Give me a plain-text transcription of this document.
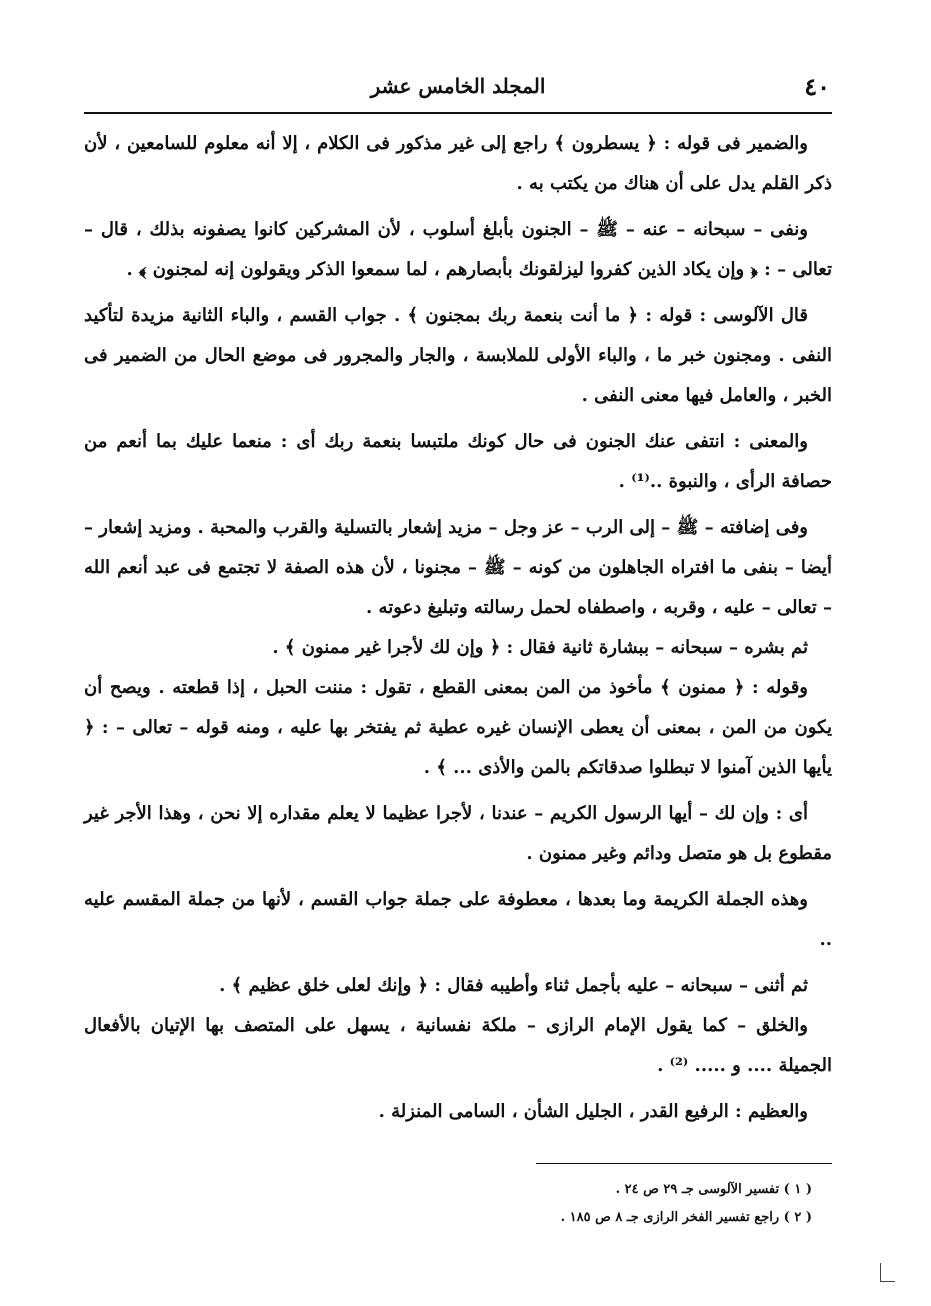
٤٠
المجلد الخامس عشر

والضمير فى قوله : ﴿ يسطرون ﴾ راجع إلى غير مذكور فى الكلام ، إلا أنه معلوم للسامعين ، لأن ذكر القلم يدل على أن هناك من يكتب به .

ونفى – سبحانه – عنه – ﷺ – الجنون بأبلغ أسلوب ، لأن المشركين كانوا يصفونه بذلك ، قال – تعالى – : ﴿ وإن يكاد الذين كفروا ليزلقونك بأبصارهم ، لما سمعوا الذكر ويقولون إنه لمجنون ﴾ .

قال الآلوسى : قوله : ﴿ ما أنت بنعمة ربك بمجنون ﴾ . جواب القسم ، والباء الثانية مزيدة لتأكيد النفى . ومجنون خبر ما ، والباء الأولى للملابسة ، والجار والمجرور فى موضع الحال من الضمير فى الخبر ، والعامل فيها معنى النفى .

والمعنى : انتفى عنك الجنون فى حال كونك ملتبسا بنعمة ربك أى : منعما عليك بما أنعم من حصافة الرأى ، والنبوة ..⁽¹⁾ .

وفى إضافته – ﷺ – إلى الرب – عز وجل – مزيد إشعار بالتسلية والقرب والمحبة . ومزيد إشعار – أيضا – بنفى ما افتراه الجاهلون من كونه – ﷺ – مجنونا ، لأن هذه الصفة لا تجتمع فى عبد أنعم الله – تعالى – عليه ، وقربه ، واصطفاه لحمل رسالته وتبليغ دعوته .

ثم بشره – سبحانه – ببشارة ثانية فقال : ﴿ وإن لك لأجرا غير ممنون ﴾ .

وقوله : ﴿ ممنون ﴾ مأخوذ من المن بمعنى القطع ، تقول : مننت الحبل ، إذا قطعته . ويصح أن يكون من المن ، بمعنى أن يعطى الإنسان غيره عطية ثم يفتخر بها عليه ، ومنه قوله – تعالى – : ﴿ يأيها الذين آمنوا لا تبطلوا صدقاتكم بالمن والأذى ... ﴾ .

أى : وإن لك – أيها الرسول الكريم – عندنا ، لأجرا عظيما لا يعلم مقداره إلا نحن ، وهذا الأجر غير مقطوع بل هو متصل ودائم وغير ممنون .

وهذه الجملة الكريمة وما بعدها ، معطوفة على جملة جواب القسم ، لأنها من جملة المقسم عليه ..

ثم أثنى – سبحانه – عليه بأجمل ثناء وأطيبه فقال : ﴿ وإنك لعلى خلق عظيم ﴾ .

والخلق – كما يقول الإمام الرازى – ملكة نفسانية ، يسهل على المتصف بها الإتيان بالأفعال الجميلة .... و ..... ⁽²⁾ .

والعظيم : الرفيع القدر ، الجليل الشأن ، السامى المنزلة .

( ١ ) تفسير الآلوسى جـ ٢٩ ص ٢٤ .

( ٢ ) راجع تفسير الفخر الرازى جـ ٨ ص ١٨٥ .
